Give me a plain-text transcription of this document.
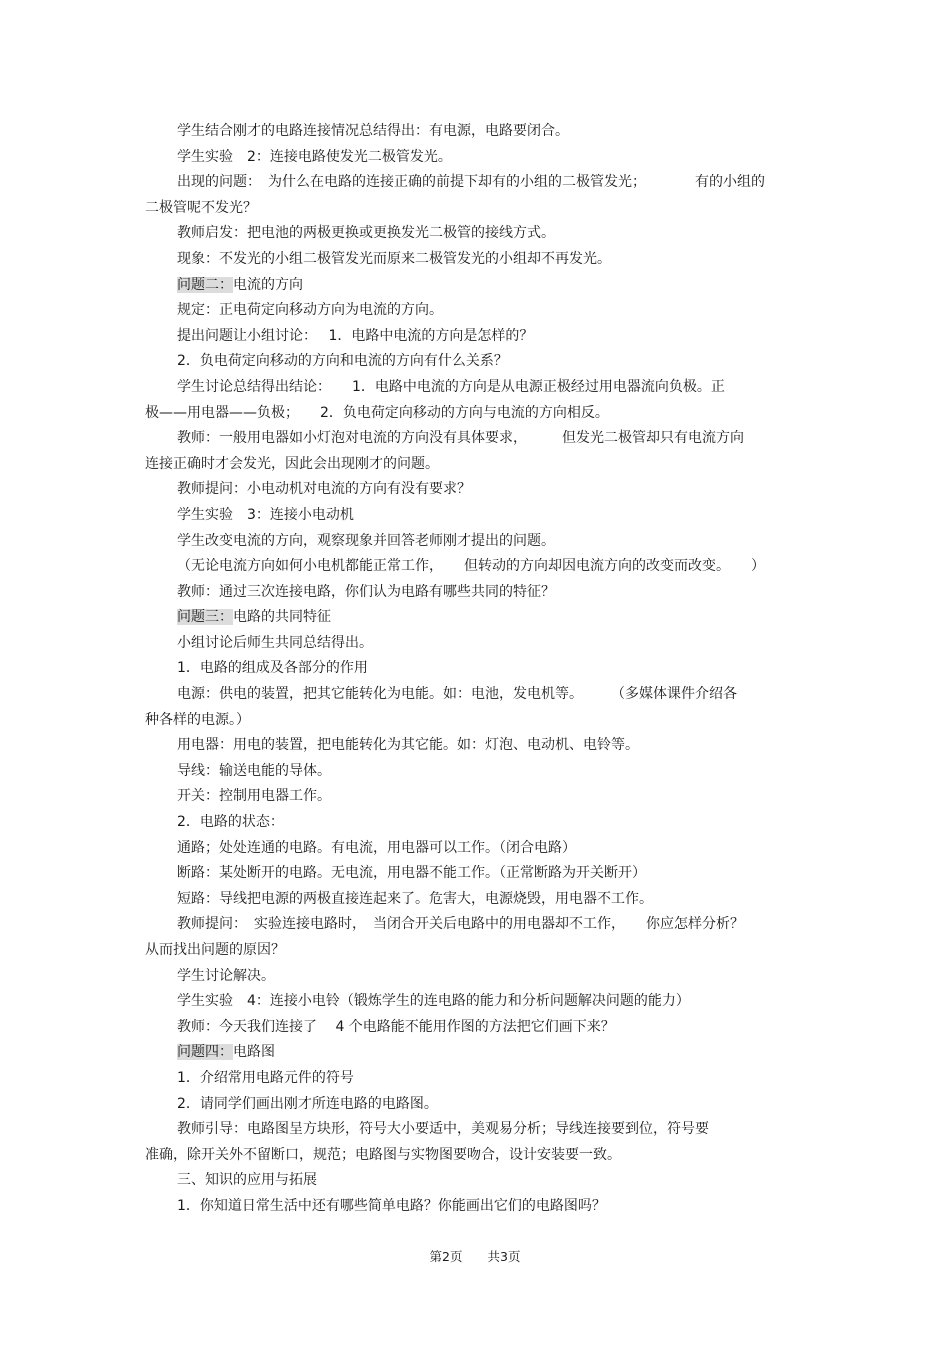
学生结合刚才的电路连接情况总结得出：有电源，电路要闭合。

学生实验　2：连接电路使发光二极管发光。

出现的问题：　为什么在电路的连接正确的前提下却有的小组的二极管发光；　　　　有的小组的

二极管呢不发光？

教师启发：把电池的两极更换或更换发光二极管的接线方式。

现象：不发光的小组二极管发光而原来二极管发光的小组却不再发光。

问题二：电流的方向

规定：正电荷定向移动方向为电流的方向。

提出问题让小组讨论：　 1．电路中电流的方向是怎样的？

2．负电荷定向移动的方向和电流的方向有什么关系？

学生讨论总结得出结论：　　1．电路中电流的方向是从电源正极经过用电器流向负极。正

极——用电器——负极；　　2．负电荷定向移动的方向与电流的方向相反。

教师：一般用电器如小灯泡对电流的方向没有具体要求，　　　但发光二极管却只有电流方向

连接正确时才会发光，因此会出现刚才的问题。

教师提问：小电动机对电流的方向有没有要求？

学生实验　3：连接小电动机

学生改变电流的方向，观察现象并回答老师刚才提出的问题。

（无论电流方向如何小电机都能正常工作，　　但转动的方向却因电流方向的改变而改变。　　）

教师：通过三次连接电路，你们认为电路有哪些共同的特征？

问题三：电路的共同特征

小组讨论后师生共同总结得出。

1．电路的组成及各部分的作用

电源：供电的装置，把其它能转化为电能。如：电池，发电机等。　　　（多媒体课件介绍各

种各样的电源。）

用电器：用电的装置，把电能转化为其它能。如：灯泡、电动机、电铃等。

导线：输送电能的导体。

开关：控制用电器工作。

2．电路的状态：

通路；处处连通的电路。有电流，用电器可以工作。（闭合电路）

断路：某处断开的电路。无电流，用电器不能工作。（正常断路为开关断开）

短路：导线把电源的两极直接连起来了。危害大，电源烧毁，用电器不工作。

教师提问：　实验连接电路时，　当闭合开关后电路中的用电器却不工作，　　你应怎样分析？

从而找出问题的原因？

学生讨论解决。

学生实验　4：连接小电铃（锻炼学生的连电路的能力和分析问题解决问题的能力）

教师：今天我们连接了　 4 个电路能不能用作图的方法把它们画下来？

问题四：电路图

1．介绍常用电路元件的符号

2．请同学们画出刚才所连电路的电路图。

教师引导：电路图呈方块形，符号大小要适中，美观易分析；导线连接要到位，符号要

准确，除开关外不留断口，规范；电路图与实物图要吻合，设计安装要一致。

三、知识的应用与拓展

1．你知道日常生活中还有哪些简单电路？你能画出它们的电路图吗？

第2页　　共3页
